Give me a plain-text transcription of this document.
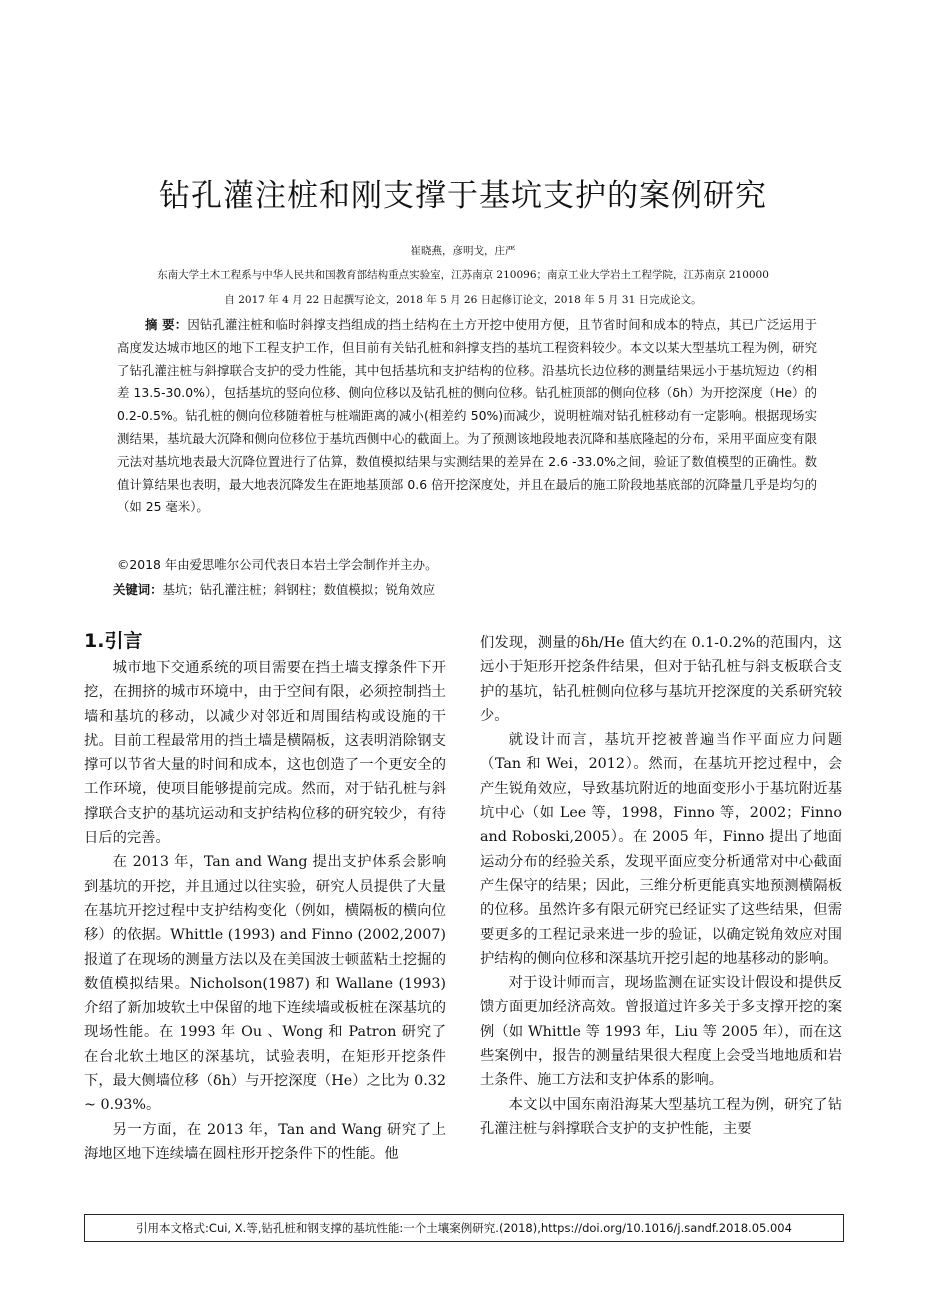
钻孔灌注桩和刚支撑于基坑支护的案例研究
崔晓燕，彦明戈，庄严
东南大学土木工程系与中华人民共和国教育部结构重点实验室，江苏南京 210096；南京工业大学岩土工程学院，江苏南京 210000
自 2017 年 4 月 22 日起撰写论文，2018 年 5 月 26 日起修订论文，2018 年 5 月 31 日完成论文。

摘 要：因钻孔灌注桩和临时斜撑支挡组成的挡土结构在土方开挖中使用方便，且节省时间和成本的特点，其已广泛运用于高度发达城市地区的地下工程支护工作，但目前有关钻孔桩和斜撑支挡的基坑工程资料较少。本文以某大型基坑工程为例，研究了钻孔灌注桩与斜撑联合支护的受力性能，其中包括基坑和支护结构的位移。沿基坑长边位移的测量结果远小于基坑短边（约相差 13.5-30.0%），包括基坑的竖向位移、侧向位移以及钻孔桩的侧向位移。钻孔桩顶部的侧向位移（δh）为开挖深度（He）的 0.2-0.5%。钻孔桩的侧向位移随着桩与桩端距离的减小(相差约 50%)而减少，说明桩端对钻孔桩移动有一定影响。根据现场实测结果，基坑最大沉降和侧向位移位于基坑西侧中心的截面上。为了预测该地段地表沉降和基底隆起的分布，采用平面应变有限元法对基坑地表最大沉降位置进行了估算，数值模拟结果与实测结果的差异在 2.6 -33.0%之间，验证了数值模型的正确性。数值计算结果也表明，最大地表沉降发生在距地基顶部 0.6 倍开挖深度处，并且在最后的施工阶段地基底部的沉降量几乎是均匀的（如 25 毫米）。

©2018 年由爱思唯尔公司代表日本岩土学会制作并主办。
关键词：基坑；钻孔灌注桩；斜钢柱；数值模拟；锐角效应
1.引言

城市地下交通系统的项目需要在挡土墙支撑条件下开挖，在拥挤的城市环境中，由于空间有限，必须控制挡土墙和基坑的移动，以减少对邻近和周围结构或设施的干扰。目前工程最常用的挡土墙是横隔板，这表明消除钢支撑可以节省大量的时间和成本，这也创造了一个更安全的工作环境，使项目能够提前完成。然而，对于钻孔桩与斜撑联合支护的基坑运动和支护结构位移的研究较少，有待日后的完善。

在 2013 年，Tan and Wang 提出支护体系会影响到基坑的开挖，并且通过以往实验，研究人员提供了大量在基坑开挖过程中支护结构变化（例如，横隔板的横向位移）的依据。Whittle (1993) and Finno (2002,2007) 报道了在现场的测量方法以及在美国波士顿蓝粘土挖掘的数值模拟结果。Nicholson(1987) 和 Wallane (1993) 介绍了新加坡软土中保留的地下连续墙或板桩在深基坑的现场性能。在 1993 年 Ou 、Wong 和 Patron 研究了在台北软土地区的深基坑，试验表明，在矩形开挖条件下，最大侧墙位移（δh）与开挖深度（He）之比为 0.32 ~ 0.93%。

另一方面，在 2013 年，Tan and Wang 研究了上海地区地下连续墙在圆柱形开挖条件下的性能。他

们发现，测量的δh/He 值大约在 0.1-0.2%的范围内，这远小于矩形开挖条件结果，但对于钻孔桩与斜支板联合支护的基坑，钻孔桩侧向位移与基坑开挖深度的关系研究较少。

就设计而言，基坑开挖被普遍当作平面应力问题（Tan 和 Wei，2012）。然而，在基坑开挖过程中，会产生锐角效应，导致基坑附近的地面变形小于基坑附近基坑中心（如 Lee 等，1998，Finno 等，2002；Finno and Roboski,2005）。在 2005 年，Finno 提出了地面运动分布的经验关系，发现平面应变分析通常对中心截面产生保守的结果；因此，三维分析更能真实地预测横隔板的位移。虽然许多有限元研究已经证实了这些结果，但需要更多的工程记录来进一步的验证，以确定锐角效应对围护结构的侧向位移和深基坑开挖引起的地基移动的影响。

对于设计师而言，现场监测在证实设计假设和提供反馈方面更加经济高效。曾报道过许多关于多支撑开挖的案例（如 Whittle 等 1993 年，Liu 等 2005 年），而在这些案例中，报告的测量结果很大程度上会受当地地质和岩土条件、施工方法和支护体系的影响。

本文以中国东南沿海某大型基坑工程为例，研究了钻孔灌注桩与斜撑联合支护的支护性能，主要

引用本文格式:Cui, X.等,钻孔桩和钢支撑的基坑性能:一个土壤案例研究.(2018),https://doi.org/10.1016/j.sandf.2018.05.004
